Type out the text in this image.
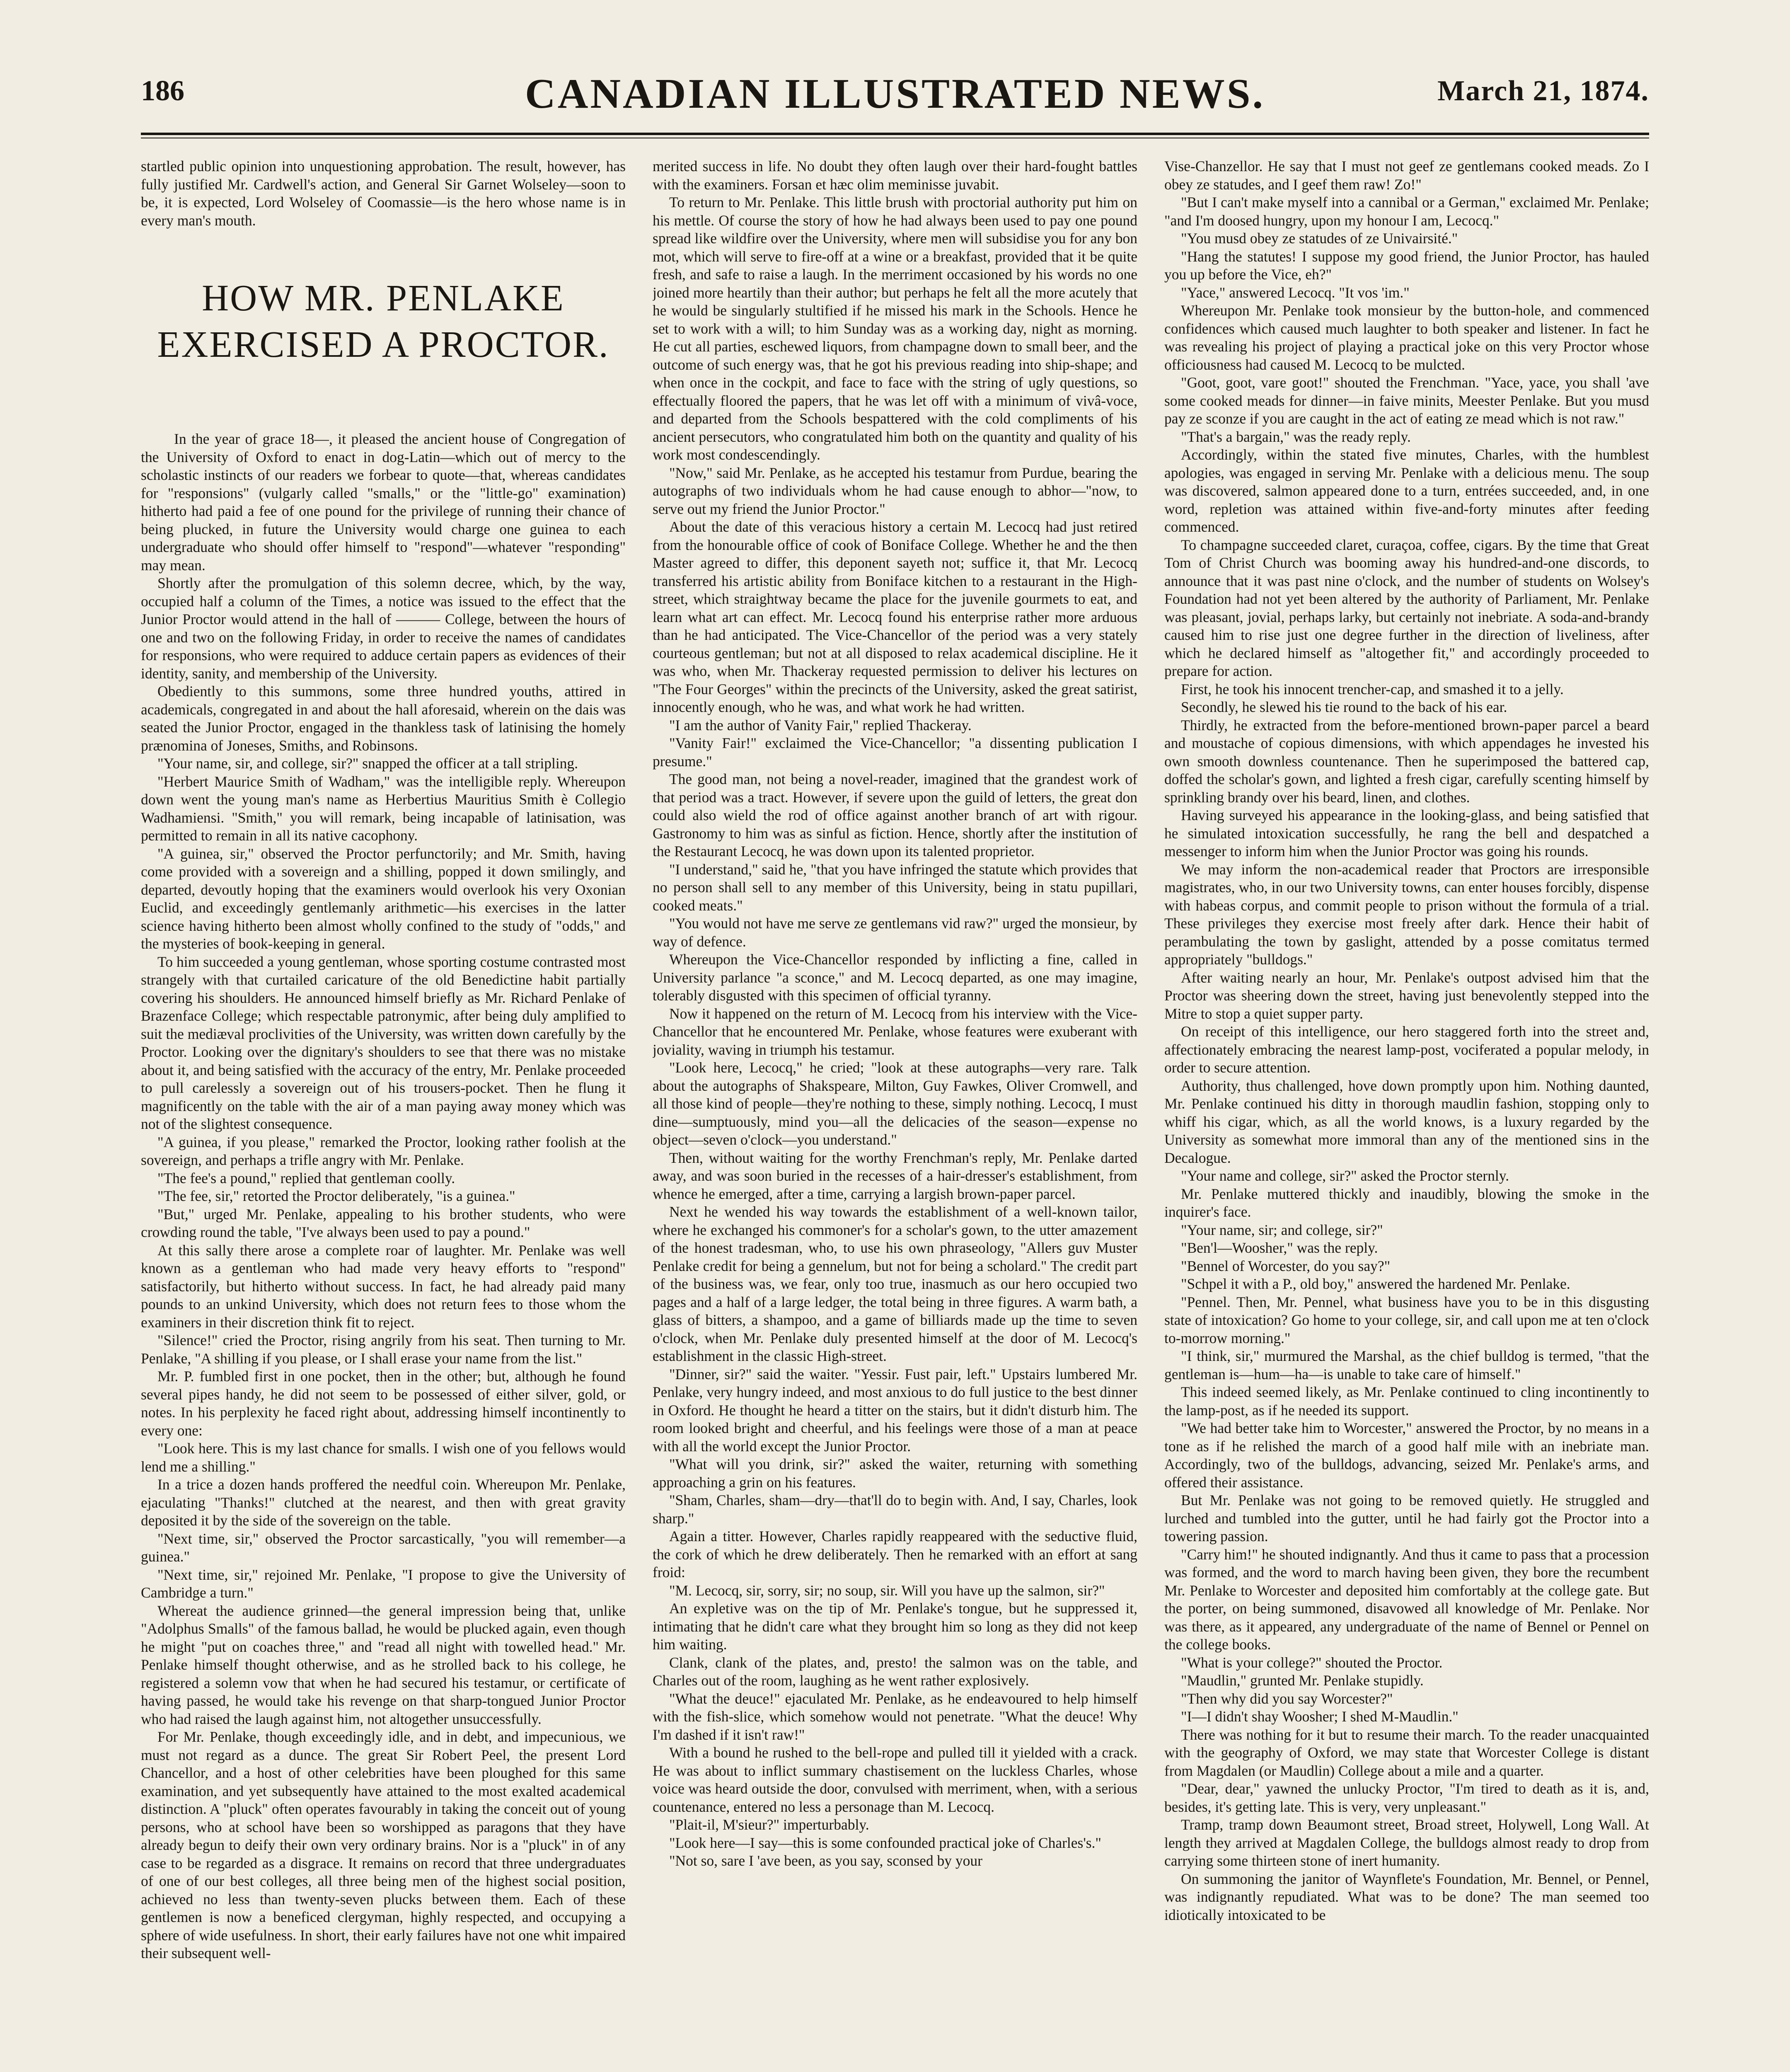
186	CANADIAN ILLUSTRATED NEWS.	March 21, 1874.

startled public opinion into unquestioning approbation. The result, however, has fully justified Mr. Cardwell's action, and General Sir Garnet Wolseley—soon to be, it is expected, Lord Wolseley of Coomassie—is the hero whose name is in every man's mouth.

HOW MR. PENLAKE EXERCISED A PROCTOR.

In the year of grace 18—, it pleased the ancient house of Congregation of the University of Oxford to enact in dog-Latin—which out of mercy to the scholastic instincts of our readers we forbear to quote—that, whereas candidates for "responsions" (vulgarly called "smalls," or the "little-go" examination) hitherto had paid a fee of one pound for the privilege of running their chance of being plucked, in future the University would charge one guinea to each undergraduate who should offer himself to "respond"—whatever "responding" may mean.

Shortly after the promulgation of this solemn decree, which, by the way, occupied half a column of the Times, a notice was issued to the effect that the Junior Proctor would attend in the hall of ——— College, between the hours of one and two on the following Friday, in order to receive the names of candidates for responsions, who were required to adduce certain papers as evidences of their identity, sanity, and membership of the University.

Obediently to this summons, some three hundred youths, attired in academicals, congregated in and about the hall aforesaid, wherein on the dais was seated the Junior Proctor, engaged in the thankless task of latinising the homely prænomina of Joneses, Smiths, and Robinsons.

"Your name, sir, and college, sir?" snapped the officer at a tall stripling.

"Herbert Maurice Smith of Wadham," was the intelligible reply. Whereupon down went the young man's name as Herbertius Mauritius Smith è Collegio Wadhamiensi. "Smith," you will remark, being incapable of latinisation, was permitted to remain in all its native cacophony.

"A guinea, sir," observed the Proctor perfunctorily; and Mr. Smith, having come provided with a sovereign and a shilling, popped it down smilingly, and departed, devoutly hoping that the examiners would overlook his very Oxonian Euclid, and exceedingly gentlemanly arithmetic—his exercises in the latter science having hitherto been almost wholly confined to the study of "odds," and the mysteries of book-keeping in general.

To him succeeded a young gentleman, whose sporting costume contrasted most strangely with that curtailed caricature of the old Benedictine habit partially covering his shoulders. He announced himself briefly as Mr. Richard Penlake of Brazenface College; which respectable patronymic, after being duly amplified to suit the mediæval proclivities of the University, was written down carefully by the Proctor. Looking over the dignitary's shoulders to see that there was no mistake about it, and being satisfied with the accuracy of the entry, Mr. Penlake proceeded to pull carelessly a sovereign out of his trousers-pocket. Then he flung it magnificently on the table with the air of a man paying away money which was not of the slightest consequence.

"A guinea, if you please," remarked the Proctor, looking rather foolish at the sovereign, and perhaps a trifle angry with Mr. Penlake.

"The fee's a pound," replied that gentleman coolly.

"The fee, sir," retorted the Proctor deliberately, "is a guinea."

"But," urged Mr. Penlake, appealing to his brother students, who were crowding round the table, "I've always been used to pay a pound."

At this sally there arose a complete roar of laughter. Mr. Penlake was well known as a gentleman who had made very heavy efforts to "respond" satisfactorily, but hitherto without success. In fact, he had already paid many pounds to an unkind University, which does not return fees to those whom the examiners in their discretion think fit to reject.

"Silence!" cried the Proctor, rising angrily from his seat. Then turning to Mr. Penlake, "A shilling if you please, or I shall erase your name from the list."

Mr. P. fumbled first in one pocket, then in the other; but, although he found several pipes handy, he did not seem to be possessed of either silver, gold, or notes. In his perplexity he faced right about, addressing himself incontinently to every one:

"Look here. This is my last chance for smalls. I wish one of you fellows would lend me a shilling."

In a trice a dozen hands proffered the needful coin. Whereupon Mr. Penlake, ejaculating "Thanks!" clutched at the nearest, and then with great gravity deposited it by the side of the sovereign on the table.

"Next time, sir," observed the Proctor sarcastically, "you will remember—a guinea."

"Next time, sir," rejoined Mr. Penlake, "I propose to give the University of Cambridge a turn."

Whereat the audience grinned—the general impression being that, unlike "Adolphus Smalls" of the famous ballad, he would be plucked again, even though he might "put on coaches three," and "read all night with towelled head." Mr. Penlake himself thought otherwise, and as he strolled back to his college, he registered a solemn vow that when he had secured his testamur, or certificate of having passed, he would take his revenge on that sharp-tongued Junior Proctor who had raised the laugh against him, not altogether unsuccessfully.

For Mr. Penlake, though exceedingly idle, and in debt, and impecunious, we must not regard as a dunce. The great Sir Robert Peel, the present Lord Chancellor, and a host of other celebrities have been ploughed for this same examination, and yet subsequently have attained to the most exalted academical distinction. A "pluck" often operates favourably in taking the conceit out of young persons, who at school have been so worshipped as paragons that they have already begun to deify their own very ordinary brains. Nor is a "pluck" in of any case to be regarded as a disgrace. It remains on record that three undergraduates of one of our best colleges, all three being men of the highest social position, achieved no less than twenty-seven plucks between them. Each of these gentlemen is now a beneficed clergyman, highly respected, and occupying a sphere of wide usefulness. In short, their early failures have not one whit impaired their subsequent well-

merited success in life. No doubt they often laugh over their hard-fought battles with the examiners. Forsan et hæc olim meminisse juvabit.

To return to Mr. Penlake. This little brush with proctorial authority put him on his mettle. Of course the story of how he had always been used to pay one pound spread like wildfire over the University, where men will subsidise you for any bon mot, which will serve to fire-off at a wine or a breakfast, provided that it be quite fresh, and safe to raise a laugh. In the merriment occasioned by his words no one joined more heartily than their author; but perhaps he felt all the more acutely that he would be singularly stultified if he missed his mark in the Schools. Hence he set to work with a will; to him Sunday was as a working day, night as morning. He cut all parties, eschewed liquors, from champagne down to small beer, and the outcome of such energy was, that he got his previous reading into ship-shape; and when once in the cockpit, and face to face with the string of ugly questions, so effectually floored the papers, that he was let off with a minimum of vivâ-voce, and departed from the Schools bespattered with the cold compliments of his ancient persecutors, who congratulated him both on the quantity and quality of his work most condescendingly.

"Now," said Mr. Penlake, as he accepted his testamur from Purdue, bearing the autographs of two individuals whom he had cause enough to abhor—"now, to serve out my friend the Junior Proctor."

About the date of this veracious history a certain M. Lecocq had just retired from the honourable office of cook of Boniface College. Whether he and the then Master agreed to differ, this deponent sayeth not; suffice it, that Mr. Lecocq transferred his artistic ability from Boniface kitchen to a restaurant in the High-street, which straightway became the place for the juvenile gourmets to eat, and learn what art can effect. Mr. Lecocq found his enterprise rather more arduous than he had anticipated. The Vice-Chancellor of the period was a very stately courteous gentleman; but not at all disposed to relax academical discipline. He it was who, when Mr. Thackeray requested permission to deliver his lectures on "The Four Georges" within the precincts of the University, asked the great satirist, innocently enough, who he was, and what work he had written.

"I am the author of Vanity Fair," replied Thackeray.

"Vanity Fair!" exclaimed the Vice-Chancellor; "a dissenting publication I presume."

The good man, not being a novel-reader, imagined that the grandest work of that period was a tract. However, if severe upon the guild of letters, the great don could also wield the rod of office against another branch of art with rigour. Gastronomy to him was as sinful as fiction. Hence, shortly after the institution of the Restaurant Lecocq, he was down upon its talented proprietor.

"I understand," said he, "that you have infringed the statute which provides that no person shall sell to any member of this University, being in statu pupillari, cooked meats."

"You would not have me serve ze gentlemans vid raw?" urged the monsieur, by way of defence.

Whereupon the Vice-Chancellor responded by inflicting a fine, called in University parlance "a sconce," and M. Lecocq departed, as one may imagine, tolerably disgusted with this specimen of official tyranny.

Now it happened on the return of M. Lecocq from his interview with the Vice-Chancellor that he encountered Mr. Penlake, whose features were exuberant with joviality, waving in triumph his testamur.

"Look here, Lecocq," he cried; "look at these autographs—very rare. Talk about the autographs of Shakspeare, Milton, Guy Fawkes, Oliver Cromwell, and all those kind of people—they're nothing to these, simply nothing. Lecocq, I must dine—sumptuously, mind you—all the delicacies of the season—expense no object—seven o'clock—you understand."

Then, without waiting for the worthy Frenchman's reply, Mr. Penlake darted away, and was soon buried in the recesses of a hair-dresser's establishment, from whence he emerged, after a time, carrying a largish brown-paper parcel.

Next he wended his way towards the establishment of a well-known tailor, where he exchanged his commoner's for a scholar's gown, to the utter amazement of the honest tradesman, who, to use his own phraseology, "Allers guv Muster Penlake credit for being a gennelum, but not for being a scholard." The credit part of the business was, we fear, only too true, inasmuch as our hero occupied two pages and a half of a large ledger, the total being in three figures. A warm bath, a glass of bitters, a shampoo, and a game of billiards made up the time to seven o'clock, when Mr. Penlake duly presented himself at the door of M. Lecocq's establishment in the classic High-street.

"Dinner, sir?" said the waiter. "Yessir. Fust pair, left." Upstairs lumbered Mr. Penlake, very hungry indeed, and most anxious to do full justice to the best dinner in Oxford. He thought he heard a titter on the stairs, but it didn't disturb him. The room looked bright and cheerful, and his feelings were those of a man at peace with all the world except the Junior Proctor.

"What will you drink, sir?" asked the waiter, returning with something approaching a grin on his features.

"Sham, Charles, sham—dry—that'll do to begin with. And, I say, Charles, look sharp."

Again a titter. However, Charles rapidly reappeared with the seductive fluid, the cork of which he drew deliberately. Then he remarked with an effort at sang froid:

"M. Lecocq, sir, sorry, sir; no soup, sir. Will you have up the salmon, sir?"

An expletive was on the tip of Mr. Penlake's tongue, but he suppressed it, intimating that he didn't care what they brought him so long as they did not keep him waiting.

Clank, clank of the plates, and, presto! the salmon was on the table, and Charles out of the room, laughing as he went rather explosively.

"What the deuce!" ejaculated Mr. Penlake, as he endeavoured to help himself with the fish-slice, which somehow would not penetrate. "What the deuce! Why I'm dashed if it isn't raw!"

With a bound he rushed to the bell-rope and pulled till it yielded with a crack. He was about to inflict summary chastisement on the luckless Charles, whose voice was heard outside the door, convulsed with merriment, when, with a serious countenance, entered no less a personage than M. Lecocq.

"Plait-il, M'sieur?" imperturbably.

"Look here—I say—this is some confounded practical joke of Charles's."

"Not so, sare I 'ave been, as you say, sconsed by your

Vise-Chanzellor. He say that I must not geef ze gentlemans cooked meads. Zo I obey ze statudes, and I geef them raw! Zo!"

"But I can't make myself into a cannibal or a German," exclaimed Mr. Penlake; "and I'm doosed hungry, upon my honour I am, Lecocq."

"You musd obey ze statudes of ze Univairsité."

"Hang the statutes! I suppose my good friend, the Junior Proctor, has hauled you up before the Vice, eh?"

"Yace," answered Lecocq. "It vos 'im."

Whereupon Mr. Penlake took monsieur by the button-hole, and commenced confidences which caused much laughter to both speaker and listener. In fact he was revealing his project of playing a practical joke on this very Proctor whose officiousness had caused M. Lecocq to be mulcted.

"Goot, goot, vare goot!" shouted the Frenchman. "Yace, yace, you shall 'ave some cooked meads for dinner—in faive minits, Meester Penlake. But you musd pay ze sconze if you are caught in the act of eating ze mead which is not raw."

"That's a bargain," was the ready reply.

Accordingly, within the stated five minutes, Charles, with the humblest apologies, was engaged in serving Mr. Penlake with a delicious menu. The soup was discovered, salmon appeared done to a turn, entrées succeeded, and, in one word, repletion was attained within five-and-forty minutes after feeding commenced.

To champagne succeeded claret, curaçoa, coffee, cigars. By the time that Great Tom of Christ Church was booming away his hundred-and-one discords, to announce that it was past nine o'clock, and the number of students on Wolsey's Foundation had not yet been altered by the authority of Parliament, Mr. Penlake was pleasant, jovial, perhaps larky, but certainly not inebriate. A soda-and-brandy caused him to rise just one degree further in the direction of liveliness, after which he declared himself as "altogether fit," and accordingly proceeded to prepare for action.

First, he took his innocent trencher-cap, and smashed it to a jelly.

Secondly, he slewed his tie round to the back of his ear.

Thirdly, he extracted from the before-mentioned brown-paper parcel a beard and moustache of copious dimensions, with which appendages he invested his own smooth downless countenance. Then he superimposed the battered cap, doffed the scholar's gown, and lighted a fresh cigar, carefully scenting himself by sprinkling brandy over his beard, linen, and clothes.

Having surveyed his appearance in the looking-glass, and being satisfied that he simulated intoxication successfully, he rang the bell and despatched a messenger to inform him when the Junior Proctor was going his rounds.

We may inform the non-academical reader that Proctors are irresponsible magistrates, who, in our two University towns, can enter houses forcibly, dispense with habeas corpus, and commit people to prison without the formula of a trial. These privileges they exercise most freely after dark. Hence their habit of perambulating the town by gaslight, attended by a posse comitatus termed appropriately "bulldogs."

After waiting nearly an hour, Mr. Penlake's outpost advised him that the Proctor was sheering down the street, having just benevolently stepped into the Mitre to stop a quiet supper party.

On receipt of this intelligence, our hero staggered forth into the street and, affectionately embracing the nearest lamp-post, vociferated a popular melody, in order to secure attention.

Authority, thus challenged, hove down promptly upon him. Nothing daunted, Mr. Penlake continued his ditty in thorough maudlin fashion, stopping only to whiff his cigar, which, as all the world knows, is a luxury regarded by the University as somewhat more immoral than any of the mentioned sins in the Decalogue.

"Your name and college, sir?" asked the Proctor sternly.

Mr. Penlake muttered thickly and inaudibly, blowing the smoke in the inquirer's face.

"Your name, sir; and college, sir?"

"Ben'l—Woosher," was the reply.

"Bennel of Worcester, do you say?"

"Schpel it with a P., old boy," answered the hardened Mr. Penlake.

"Pennel. Then, Mr. Pennel, what business have you to be in this disgusting state of intoxication? Go home to your college, sir, and call upon me at ten o'clock to-morrow morning."

"I think, sir," murmured the Marshal, as the chief bulldog is termed, "that the gentleman is—hum—ha—is unable to take care of himself."

This indeed seemed likely, as Mr. Penlake continued to cling incontinently to the lamp-post, as if he needed its support.

"We had better take him to Worcester," answered the Proctor, by no means in a tone as if he relished the march of a good half mile with an inebriate man. Accordingly, two of the bulldogs, advancing, seized Mr. Penlake's arms, and offered their assistance.

But Mr. Penlake was not going to be removed quietly. He struggled and lurched and tumbled into the gutter, until he had fairly got the Proctor into a towering passion.

"Carry him!" he shouted indignantly. And thus it came to pass that a procession was formed, and the word to march having been given, they bore the recumbent Mr. Penlake to Worcester and deposited him comfortably at the college gate. But the porter, on being summoned, disavowed all knowledge of Mr. Penlake. Nor was there, as it appeared, any undergraduate of the name of Bennel or Pennel on the college books.

"What is your college?" shouted the Proctor.

"Maudlin," grunted Mr. Penlake stupidly.

"Then why did you say Worcester?"

"I—I didn't shay Woosher; I shed M-Maudlin."

There was nothing for it but to resume their march. To the reader unacquainted with the geography of Oxford, we may state that Worcester College is distant from Magdalen (or Maudlin) College about a mile and a quarter.

"Dear, dear," yawned the unlucky Proctor, "I'm tired to death as it is, and, besides, it's getting late. This is very, very unpleasant."

Tramp, tramp down Beaumont street, Broad street, Holywell, Long Wall. At length they arrived at Magdalen College, the bulldogs almost ready to drop from carrying some thirteen stone of inert humanity.

On summoning the janitor of Waynflete's Foundation, Mr. Bennel, or Pennel, was indignantly repudiated. What was to be done? The man seemed too idiotically intoxicated to be
